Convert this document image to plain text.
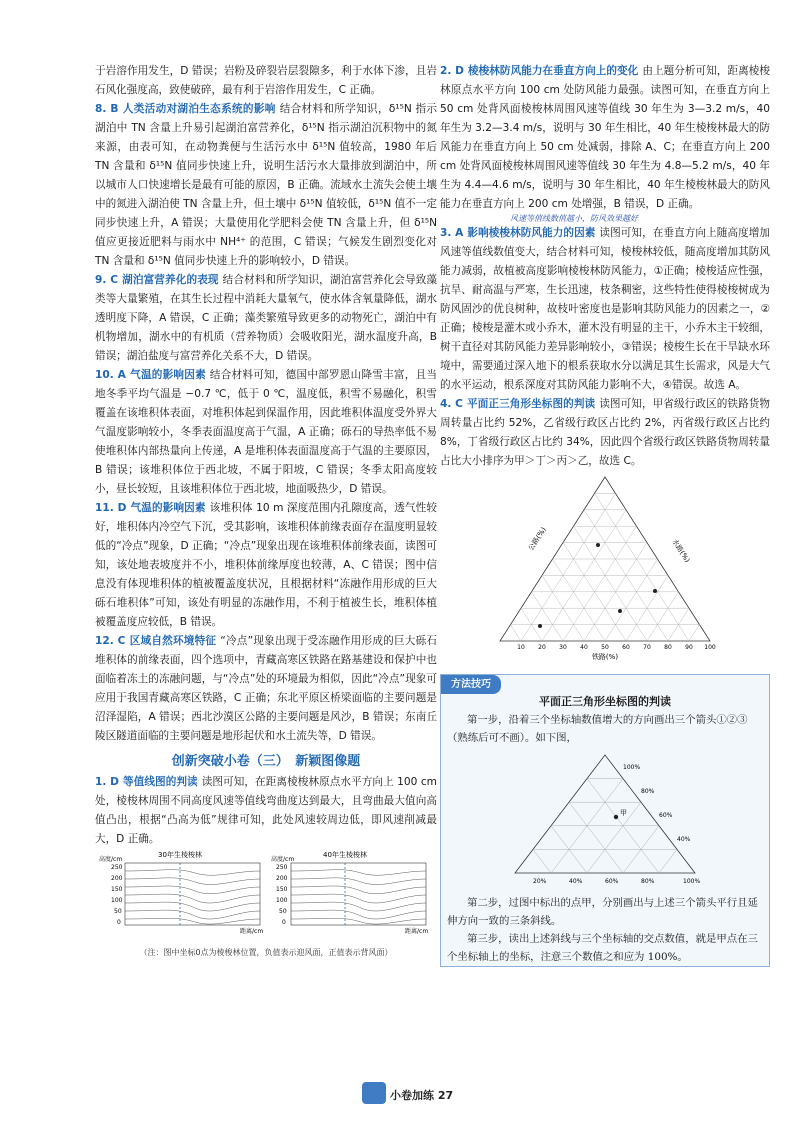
于岩溶作用发生，D 错误；岩粉及碎裂岩层裂隙多，利于水体下渗，且岩石风化强度高，致使破碎，最有利于岩溶作用发生，C 正确。

8. B 人类活动对湖泊生态系统的影响 结合材料和所学知识，δ¹⁵N 指示湖泊中 TN 含量上升易引起湖泊富营养化，δ¹⁵N 指示湖泊沉积物中的氮来源，由表可知，在动物粪便与生活污水中 δ¹⁵N 值较高，1980 年后 TN 含量和 δ¹⁵N 值同步快速上升，说明生活污水大量排放到湖泊中，所以城市人口快速增长是最有可能的原因，B 正确。流域水土流失会使土壤中的氮进入湖泊使 TN 含量上升，但土壤中 δ¹⁵N 值较低，δ¹⁵N 值不一定同步快速上升，A 错误；大量使用化学肥料会使 TN 含量上升，但 δ¹⁵N 值应更接近肥料与雨水中 NH⁴⁺ 的范围，C 错误；气候发生剧烈变化对 TN 含量和 δ¹⁵N 值同步快速上升的影响较小，D 错误。

9. C 湖泊富营养化的表现 结合材料和所学知识，湖泊富营养化会导致藻类等大量繁殖，在其生长过程中消耗大量氧气，使水体含氧量降低，湖水透明度下降，A 错误，C 正确；藻类繁殖导致更多的动物死亡，湖泊中有机物增加，湖水中的有机质（营养物质）会吸收阳光，湖水温度升高，B 错误；湖泊盐度与富营养化关系不大，D 错误。

10. A 气温的影响因素 结合材料可知，德国中部罗恩山降雪丰富，且当地冬季平均气温是 −0.7 ℃，低于 0 ℃，温度低，积雪不易融化，积雪覆盖在该堆积体表面，对堆积体起到保温作用，因此堆积体温度受外界大气温度影响较小，冬季表面温度高于气温，A 正确；砾石的导热率低不易使堆积体内部热量向上传递，A 是堆积体表面温度高于气温的主要原因，B 错误；该堆积体位于西北坡，不属于阳坡，C 错误；冬季太阳高度较小，昼长较短，且该堆积体位于西北坡，地面吸热少，D 错误。

11. D 气温的影响因素 该堆积体 10 m 深度范围内孔隙度高，透气性较好，堆积体内冷空气下沉，受其影响，该堆积体前缘表面存在温度明显较低的“冷点”现象，D 正确；“冷点”现象出现在该堆积体前缘表面，读图可知，该处地表坡度并不小，堆积体前缘厚度也较薄，A、C 错误；图中信息没有体现堆积体的植被覆盖度状况，且根据材料“冻融作用形成的巨大砾石堆积体”可知，该处有明显的冻融作用，不利于植被生长，堆积体植被覆盖度应较低，B 错误。

12. C 区域自然环境特征 “冷点”现象出现于受冻融作用形成的巨大砾石堆积体的前缘表面，四个选项中，青藏高寒区铁路在路基建设和保护中也面临着冻土的冻融问题，与“冷点”处的环境最为相似，因此“冷点”现象可应用于我国青藏高寒区铁路，C 正确；东北平原区桥梁面临的主要问题是沼泽湿陷，A 错误；西北沙漠区公路的主要问题是风沙，B 错误；东南丘陵区隧道面临的主要问题是地形起伏和水土流失等，D 错误。

创新突破小卷（三）　新颖图像题

1. D 等值线图的判读 读图可知，在距离棱梭林原点水平方向上 100 cm 处，棱梭林周围不同高度风速等值线弯曲度达到最大，且弯曲最大值向高值凸出，根据“凸高为低”规律可知，此处风速较周边低，即风速削减最大，D 正确。

30年生棱梭林	40年生棱梭林
高度/cm	高度/cm
250
200
150
100
50
0
250
200
150
100
50
0
距离/cm	距离/cm
（注：图中坐标0点为棱梭林位置，负值表示迎风面，正值表示背风面）

2. D 棱梭林防风能力在垂直方向上的变化 由上题分析可知，距离棱梭林原点水平方向 100 cm 处防风能力最强。读图可知，在垂直方向上 50 cm 处背风面棱梭林周围风速等值线 30 年生为 3—3.2 m/s，40 年生为 3.2—3.4 m/s，说明与 30 年生相比，40 年生棱梭林最大的防风能力在垂直方向上 50 cm 处减弱，排除 A、C；在垂直方向上 200 cm 处背风面棱梭林周围风速等值线 30 年生为 4.8—5.2 m/s，40 年生为 4.4—4.6 m/s，说明与 30 年生相比，40 年生棱梭林最大的防风能力在垂直方向上 200 cm 处增强，B 错误，D 正确。

风速等值线数值越小，防风效果越好

3. A 影响棱梭林防风能力的因素 读图可知，在垂直方向上随高度增加风速等值线数值变大，结合材料可知，棱梭林较低，随高度增加其防风能力减弱，故植被高度影响棱梭林防风能力，①正确；棱梭适应性强，抗旱、耐高温与严寒，生长迅速，枝条稠密，这些特性使得棱梭树成为防风固沙的优良树种，故枝叶密度也是影响其防风能力的因素之一，②正确；棱梭是灌木或小乔木，灌木没有明显的主干，小乔木主干较细，树干直径对其防风能力差异影响较小，③错误；棱梭生长在干旱缺水环境中，需要通过深入地下的根系获取水分以满足其生长需求，风是大气的水平运动，根系深度对其防风能力影响不大，④错误。故选 A。

4. C 平面正三角形坐标图的判读 读图可知，甲省级行政区的铁路货物周转量占比约 52%，乙省级行政区占比约 2%，丙省级行政区占比约 8%，丁省级行政区占比约 34%，因此四个省级行政区铁路货物周转量占比大小排序为甲＞丁＞丙＞乙，故选 C。

10 20 30 40 50 60 70 80 90 100
铁路(%)
公路(%)	水路(%)
方法技巧
平面正三角形坐标图的判读

第一步，沿着三个坐标轴数值增大的方向画出三个箭头①②③（熟练后可不画）。如下图，

甲
100%
80%
60%
40%
20%	40%	60%	80%	100%

第二步，过图中标出的点甲，分别画出与上述三个箭头平行且延伸方向一致的三条斜线。

第三步，读出上述斜线与三个坐标轴的交点数值，就是甲点在三个坐标轴上的坐标，注意三个数值之和应为 100%。

小卷加练 27
